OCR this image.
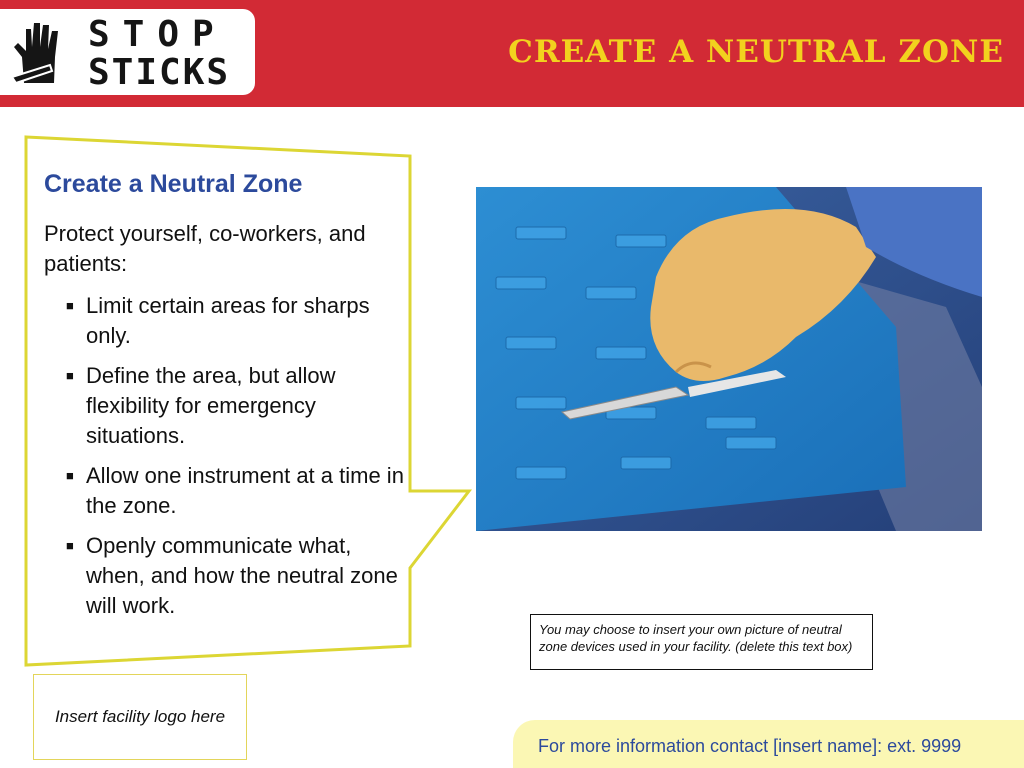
STOP
STICKS	CREATE A NEUTRAL ZONE
Create a Neutral Zone

Protect yourself, co-workers, and patients:

■ Limit certain areas for sharps only.
■ Define the area, but allow flexibility for emergency situations.
■ Allow one instrument at a time in the zone.
■ Openly communicate what, when, and how the neutral zone will work.
You may choose to insert your own picture of neutral zone devices used in your facility. (delete this text box)
Insert facility logo here
For more information contact [insert name]: ext. 9999
